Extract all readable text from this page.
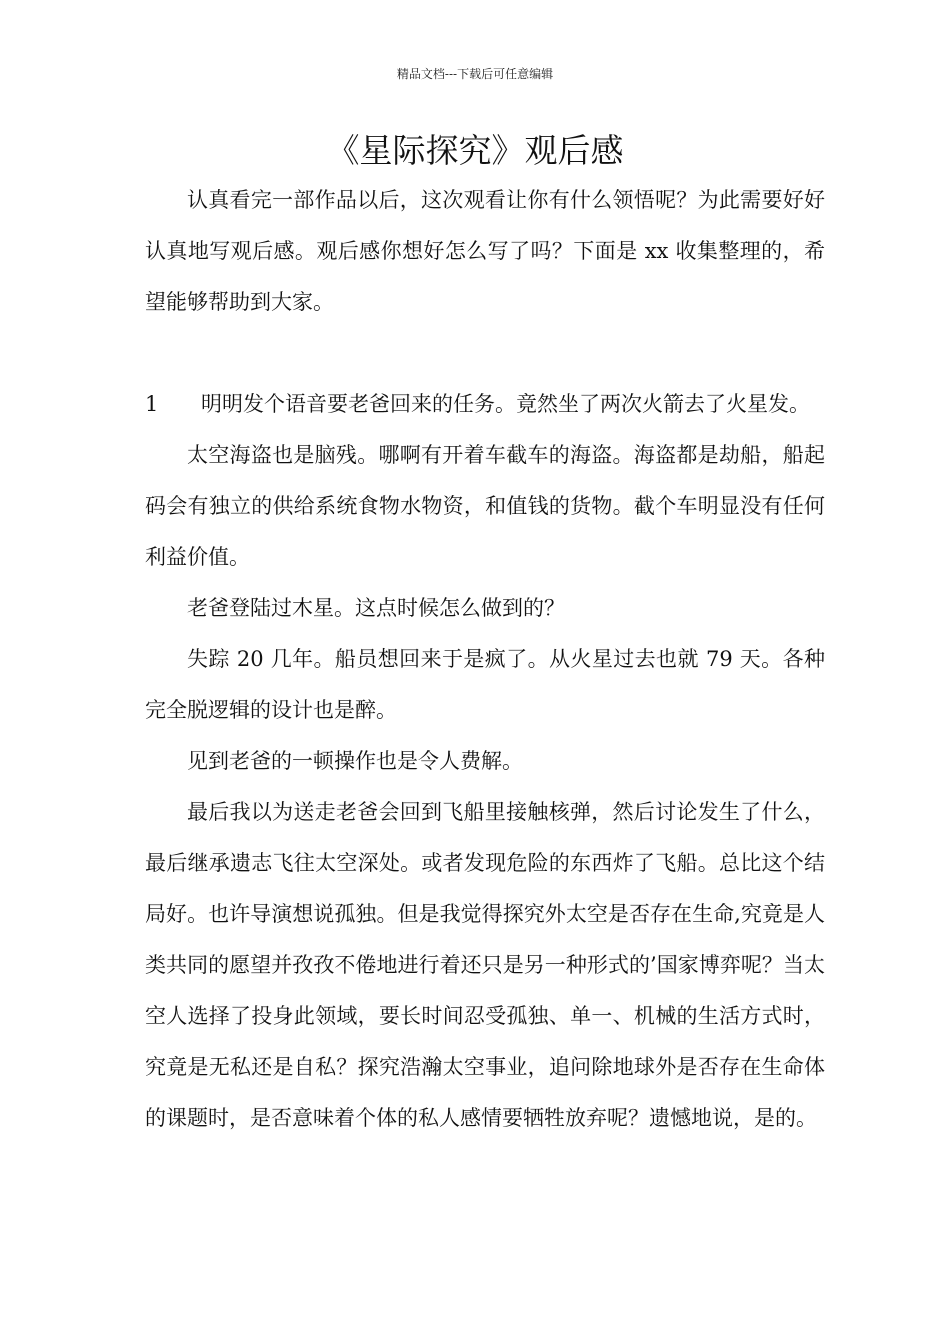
精品文档---下载后可任意编辑
《星际探究》观后感

认真看完一部作品以后，这次观看让你有什么领悟呢？为此需要好好认真地写观后感。观后感你想好怎么写了吗？下面是 xx 收集整理的，希望能够帮助到大家。

1 明明发个语音要老爸回来的任务。竟然坐了两次火箭去了火星发。

太空海盗也是脑残。哪啊有开着车截车的海盗。海盗都是劫船，船起码会有独立的供给系统食物水物资，和值钱的货物。截个车明显没有任何利益价值。

老爸登陆过木星。这点时候怎么做到的？

失踪 20 几年。船员想回来于是疯了。从火星过去也就 79 天。各种完全脱逻辑的设计也是醉。

见到老爸的一顿操作也是令人费解。

最后我以为送走老爸会回到飞船里接触核弹，然后讨论发生了什么，最后继承遗志飞往太空深处。或者发现危险的东西炸了飞船。总比这个结局好。也许导演想说孤独。但是我觉得探究外太空是否存在生命,究竟是人类共同的愿望并孜孜不倦地进行着还只是另一种形式的’国家博弈呢？当太空人选择了投身此领域，要长时间忍受孤独、单一、机械的生活方式时，究竟是无私还是自私？探究浩瀚太空事业，追问除地球外是否存在生命体的课题时，是否意味着个体的私人感情要牺牲放弃呢？遗憾地说，是的。
